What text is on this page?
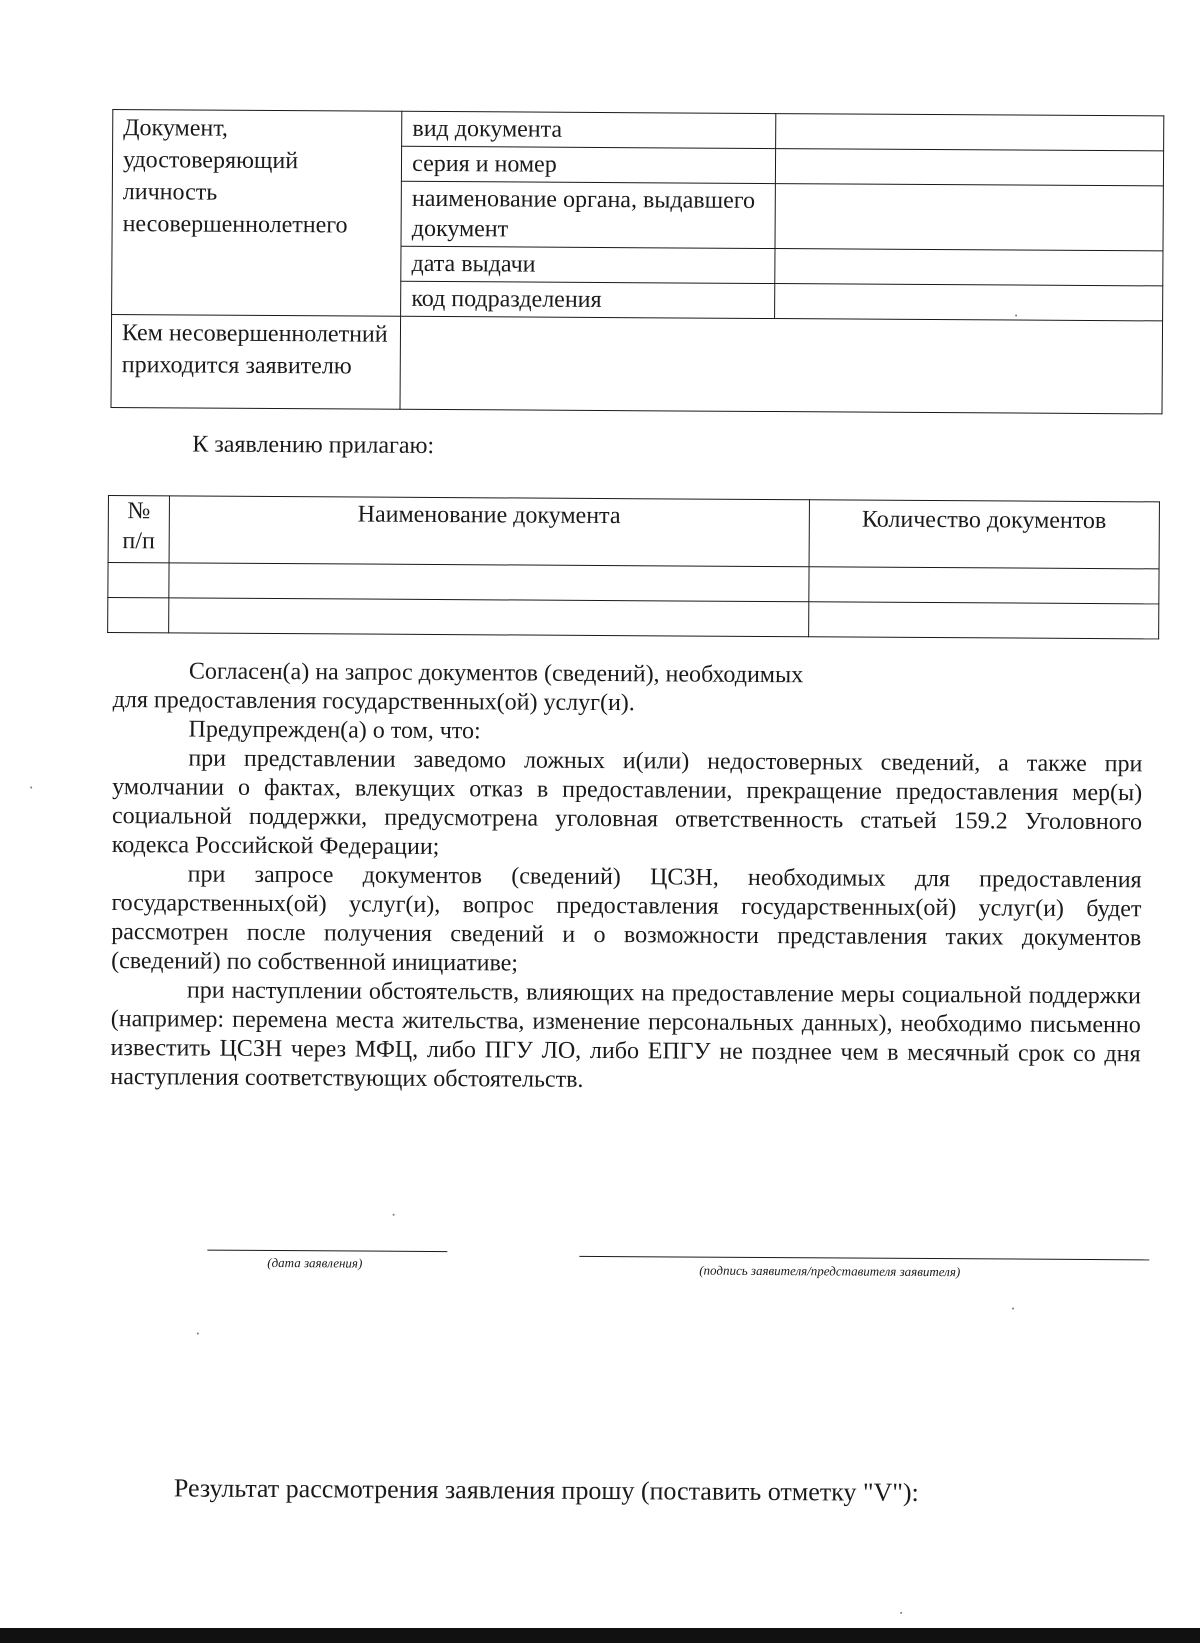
Документ, удостоверяющий личность несовершеннолетнего	вид документа	
	серия и номер	
	наименование органа, выдавшего документ	
	дата выдачи	
	код подразделения	
Кем несовершеннолетний приходится заявителю		

К заявлению прилагаю:

№ п/п	Наименование документа	Количество документов

Согласен(а) на запрос документов (сведений), необходимых

для предоставления государственных(ой) услуг(и).

Предупрежден(а) о том, что:

при представлении заведомо ложных и(или) недостоверных сведений, а также при умолчании о фактах, влекущих отказ в предоставлении, прекращение предоставления мер(ы) социальной поддержки, предусмотрена уголовная ответственность статьей 159.2 Уголовного кодекса Российской Федерации;

при запросе документов (сведений) ЦСЗН, необходимых для предоставления государственных(ой) услуг(и), вопрос предоставления государственных(ой) услуг(и) будет рассмотрен после получения сведений и о возможности представления таких документов (сведений) по собственной инициативе;

при наступлении обстоятельств, влияющих на предоставление меры социальной поддержки (например: перемена места жительства, изменение персональных данных), необходимо письменно известить ЦСЗН через МФЦ, либо ПГУ ЛО, либо ЕПГУ не позднее чем в месячный срок со дня наступления соответствующих обстоятельств.

(дата заявления)	(подпись заявителя/представителя заявителя)

Результат рассмотрения заявления прошу (поставить отметку "V"):
